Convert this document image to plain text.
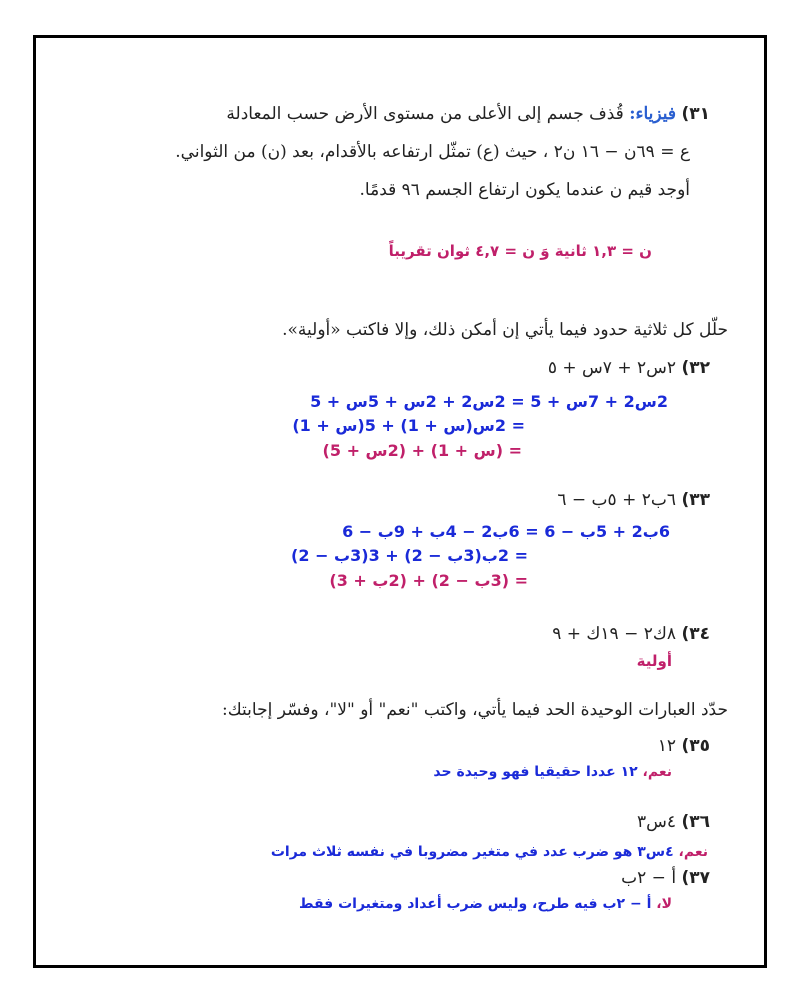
٣١) فيزياء: قُذف جسم إلى الأعلى من مستوى الأرض حسب المعادلة
ع = ٦٩ن − ١٦ ن٢ ، حيث (ع) تمثّل ارتفاعه بالأقدام، بعد (ن) من الثواني.
أوجد قيم ن عندما يكون ارتفاع الجسم ٩٦ قدمًا.
ن = ١,٣ ثانية وَ ن = ٤,٧ ثوان تقريباً
حلّل كل ثلاثية حدود فيما يأتي إن أمكن ذلك، وإلا فاكتب «أولية».
٣٢) ٢س٢ + ٧س + ٥
2س2 + 7س + 5 = 2س2 + 2س + 5س + 5
= 2س(س + 1) + 5(س + 1)
= (س + 1) + (2س + 5)
٣٣) ٦ب٢ + ٥ب − ٦
6ب2 + 5ب − 6 = 6ب2 − 4ب + 9ب − 6
= 2ب(3ب − 2) + 3(3ب − 2)
= (3ب − 2) + (2ب + 3)
٣٤) ٨ك٢ − ١٩ك + ٩
أولية
حدّد العبارات الوحيدة الحد فيما يأتي، واكتب "نعم" أو "لا"، وفسّر إجابتك:
٣٥) ١٢
نعم، ١٢ عددا حقيقيا فهو وحيدة حد
٣٦) ٤س٣
نعم، ٤س٣ هو ضرب عدد في متغير مضروبا في نفسه ثلاث مرات
٣٧) أ − ٢ب
لا، أ − ٢ب فيه طرح، وليس ضرب أعداد ومتغيرات فقط
